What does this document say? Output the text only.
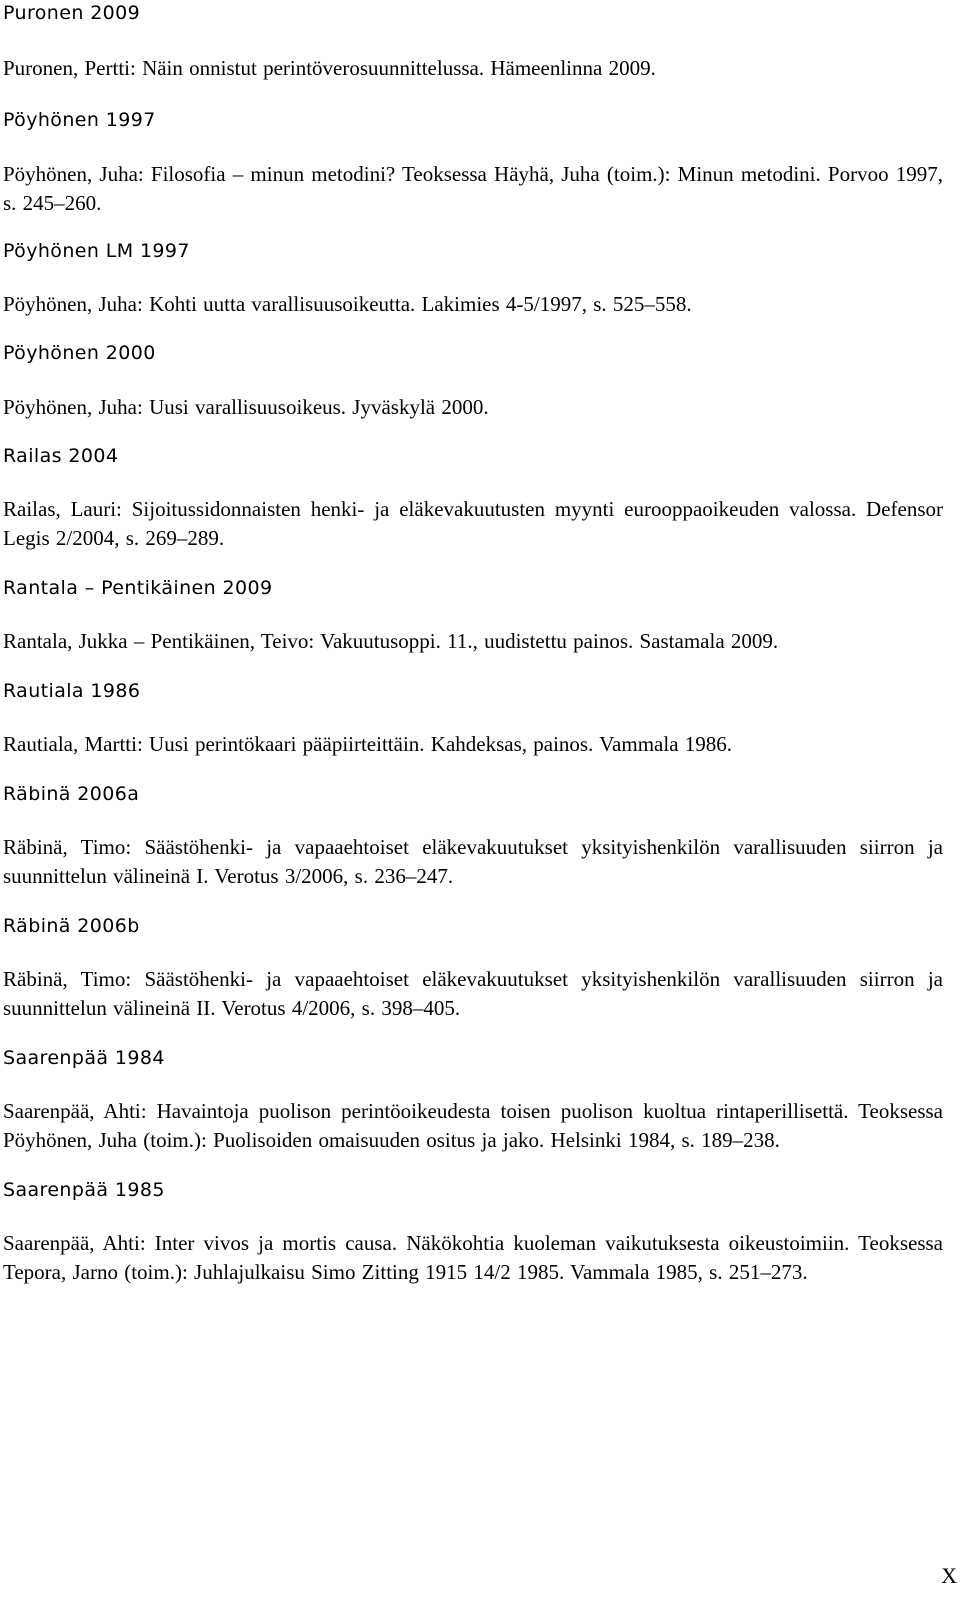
Puronen 2009

Puronen, Pertti: Näin onnistut perintöverosuunnittelussa. Hämeenlinna 2009.

Pöyhönen 1997

Pöyhönen, Juha: Filosofia – minun metodini? Teoksessa Häyhä, Juha (toim.): Minun metodini. Porvoo 1997, s. 245–260.

Pöyhönen LM 1997

Pöyhönen, Juha: Kohti uutta varallisuusoikeutta. Lakimies 4-5/1997, s. 525–558.

Pöyhönen 2000

Pöyhönen, Juha: Uusi varallisuusoikeus. Jyväskylä 2000.

Railas 2004

Railas, Lauri: Sijoitussidonnaisten henki- ja eläkevakuutusten myynti eurooppaoikeuden valossa. Defensor Legis 2/2004, s. 269–289.

Rantala – Pentikäinen 2009

Rantala, Jukka – Pentikäinen, Teivo: Vakuutusoppi. 11., uudistettu painos. Sastamala 2009.

Rautiala 1986

Rautiala, Martti: Uusi perintökaari pääpiirteittäin. Kahdeksas, painos. Vammala 1986.

Räbinä 2006a

Räbinä, Timo: Säästöhenki- ja vapaaehtoiset eläkevakuutukset yksityishenkilön varallisuuden siirron ja suunnittelun välineinä I. Verotus 3/2006, s. 236–247.

Räbinä 2006b

Räbinä, Timo: Säästöhenki- ja vapaaehtoiset eläkevakuutukset yksityishenkilön varallisuuden siirron ja suunnittelun välineinä II. Verotus 4/2006, s. 398–405.

Saarenpää 1984

Saarenpää, Ahti: Havaintoja puolison perintöoikeudesta toisen puolison kuoltua rintaperillisettä. Teoksessa Pöyhönen, Juha (toim.): Puolisoiden omaisuuden ositus ja jako. Helsinki 1984, s. 189–238.

Saarenpää 1985

Saarenpää, Ahti: Inter vivos ja mortis causa. Näkökohtia kuoleman vaikutuksesta oikeustoimiin. Teoksessa Tepora, Jarno (toim.): Juhlajulkaisu Simo Zitting 1915 14/2 1985. Vammala 1985, s. 251–273.

X
